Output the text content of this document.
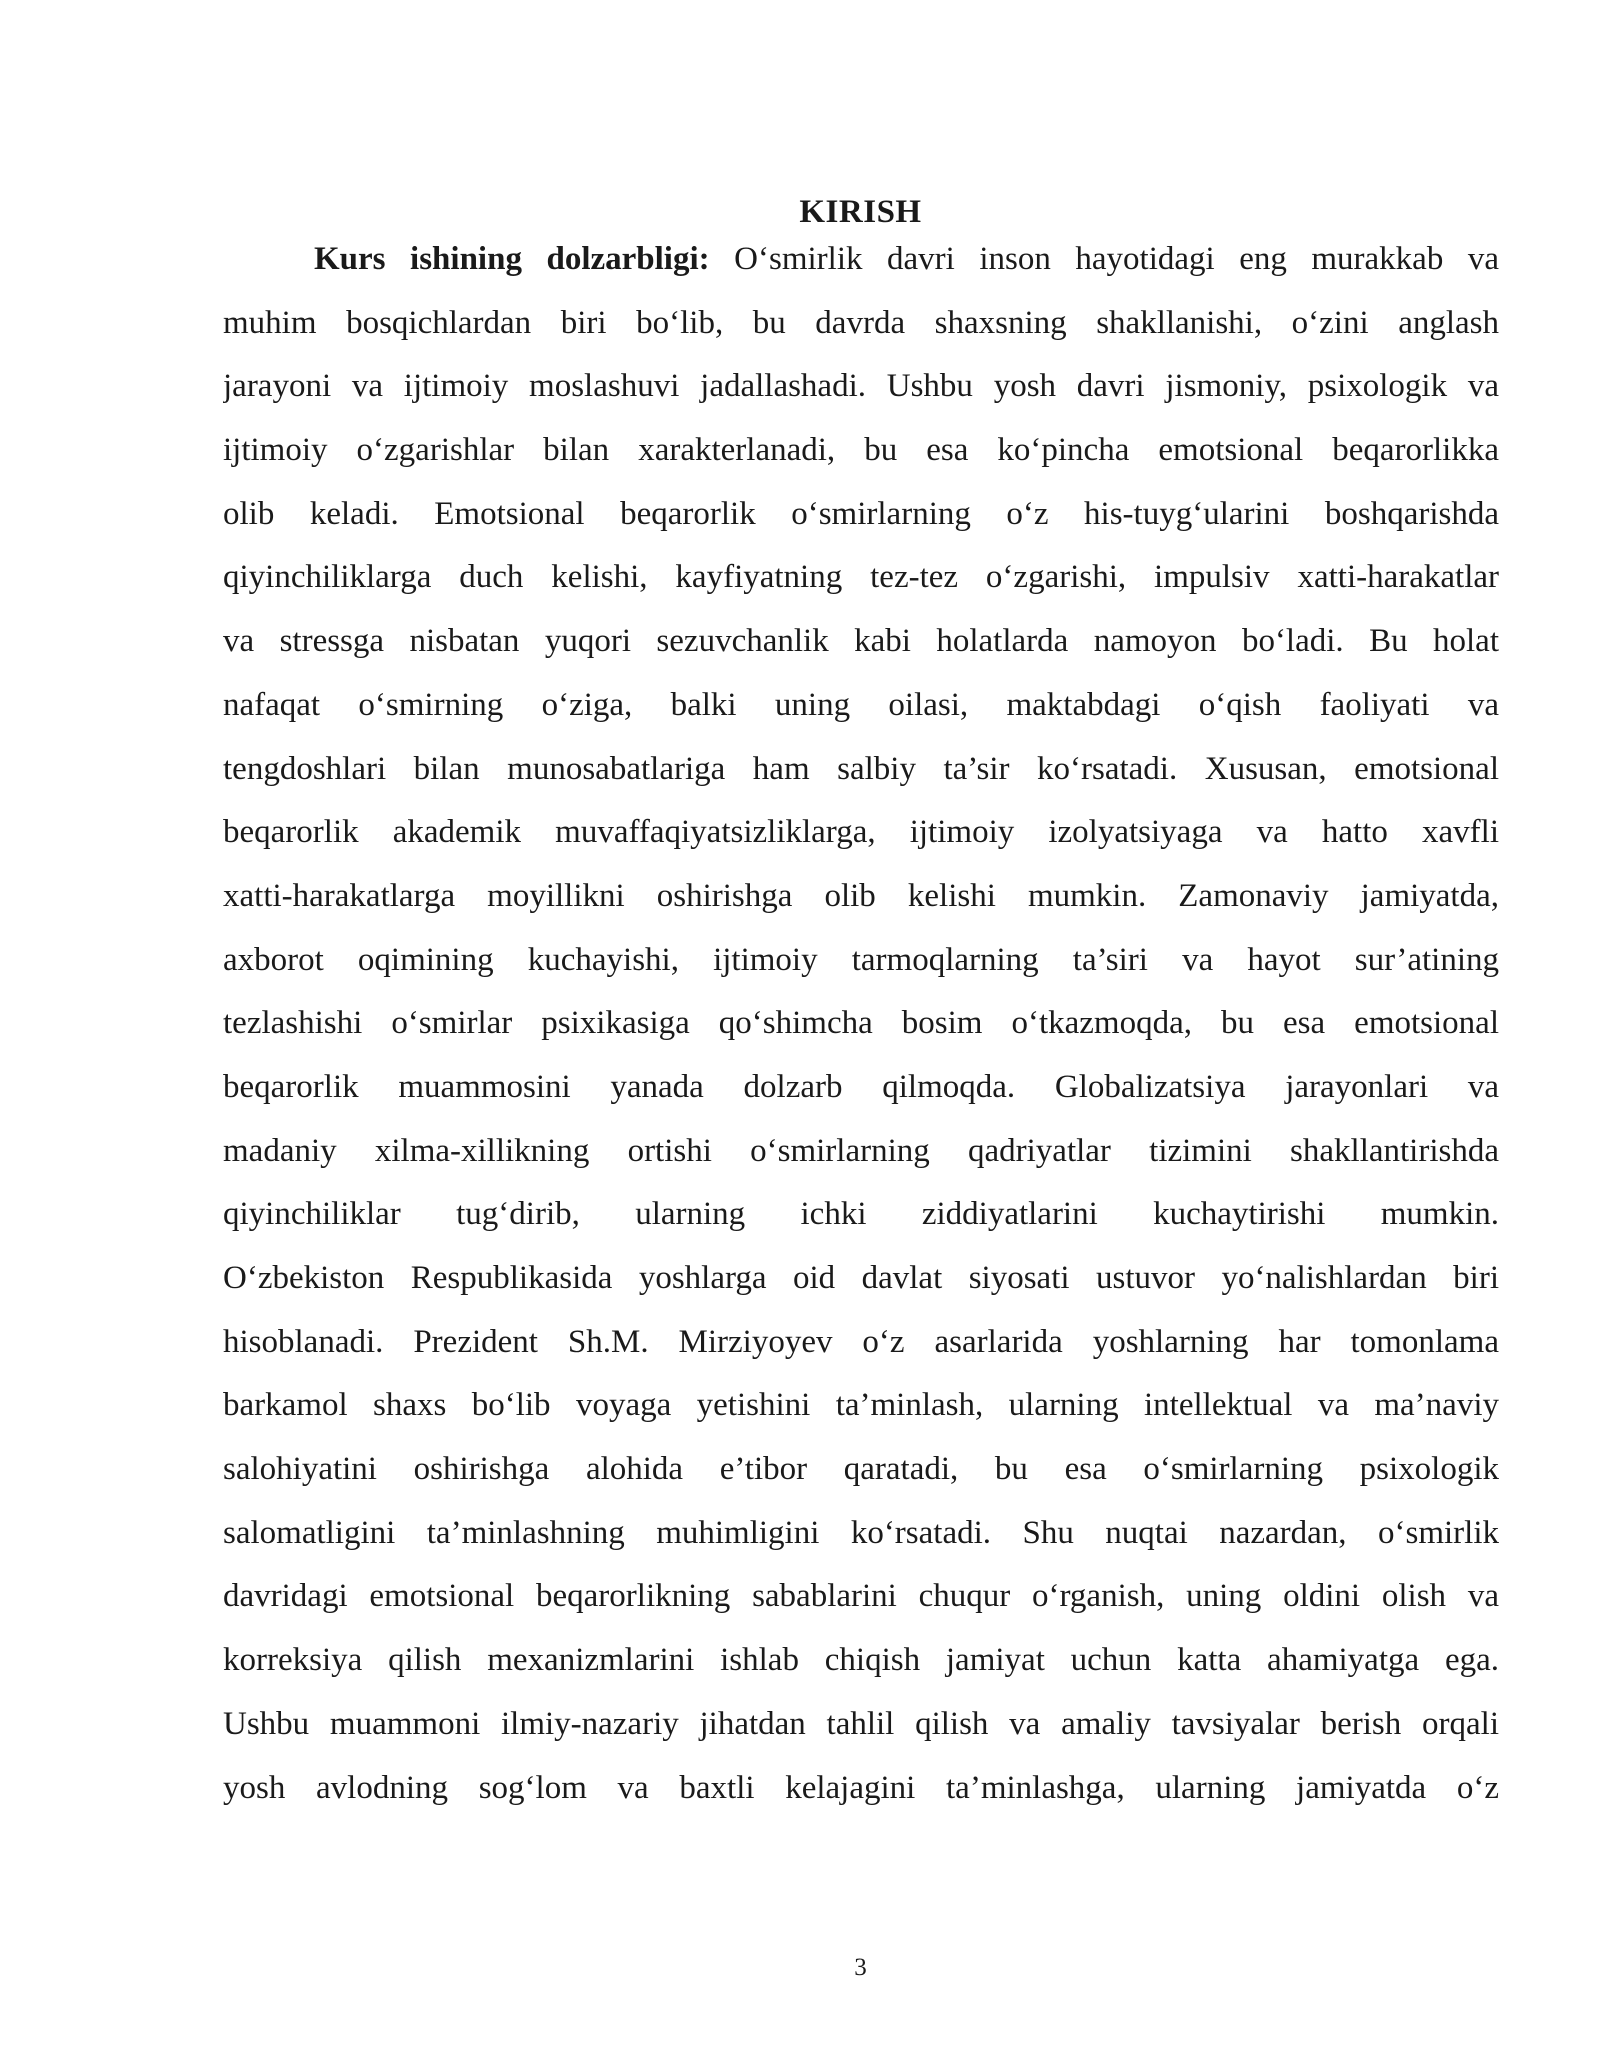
KIRISH
Kurs ishining dolzarbligi: O‘smirlik davri inson hayotidagi eng murakkab va
muhim bosqichlardan biri bo‘lib, bu davrda shaxsning shakllanishi, o‘zini anglash
jarayoni va ijtimoiy moslashuvi jadallashadi. Ushbu yosh davri jismoniy, psixologik va
ijtimoiy o‘zgarishlar bilan xarakterlanadi, bu esa ko‘pincha emotsional beqarorlikka
olib keladi. Emotsional beqarorlik o‘smirlarning o‘z his-tuyg‘ularini boshqarishda
qiyinchiliklarga duch kelishi, kayfiyatning tez-tez o‘zgarishi, impulsiv xatti-harakatlar
va stressga nisbatan yuqori sezuvchanlik kabi holatlarda namoyon bo‘ladi. Bu holat
nafaqat o‘smirning o‘ziga, balki uning oilasi, maktabdagi o‘qish faoliyati va
tengdoshlari bilan munosabatlariga ham salbiy ta’sir ko‘rsatadi. Xususan, emotsional
beqarorlik akademik muvaffaqiyatsizliklarga, ijtimoiy izolyatsiyaga va hatto xavfli
xatti-harakatlarga moyillikni oshirishga olib kelishi mumkin. Zamonaviy jamiyatda,
axborot oqimining kuchayishi, ijtimoiy tarmoqlarning ta’siri va hayot sur’atining
tezlashishi o‘smirlar psixikasiga qo‘shimcha bosim o‘tkazmoqda, bu esa emotsional
beqarorlik muammosini yanada dolzarb qilmoqda. Globalizatsiya jarayonlari va
madaniy xilma-xillikning ortishi o‘smirlarning qadriyatlar tizimini shakllantirishda
qiyinchiliklar tug‘dirib, ularning ichki ziddiyatlarini kuchaytirishi mumkin.
O‘zbekiston Respublikasida yoshlarga oid davlat siyosati ustuvor yo‘nalishlardan biri
hisoblanadi. Prezident Sh.M. Mirziyoyev o‘z asarlarida yoshlarning har tomonlama
barkamol shaxs bo‘lib voyaga yetishini ta’minlash, ularning intellektual va ma’naviy
salohiyatini oshirishga alohida e’tibor qaratadi, bu esa o‘smirlarning psixologik
salomatligini ta’minlashning muhimligini ko‘rsatadi. Shu nuqtai nazardan, o‘smirlik
davridagi emotsional beqarorlikning sabablarini chuqur o‘rganish, uning oldini olish va
korreksiya qilish mexanizmlarini ishlab chiqish jamiyat uchun katta ahamiyatga ega.
Ushbu muammoni ilmiy-nazariy jihatdan tahlil qilish va amaliy tavsiyalar berish orqali
yosh avlodning sog‘lom va baxtli kelajagini ta’minlashga, ularning jamiyatda o‘z
3
